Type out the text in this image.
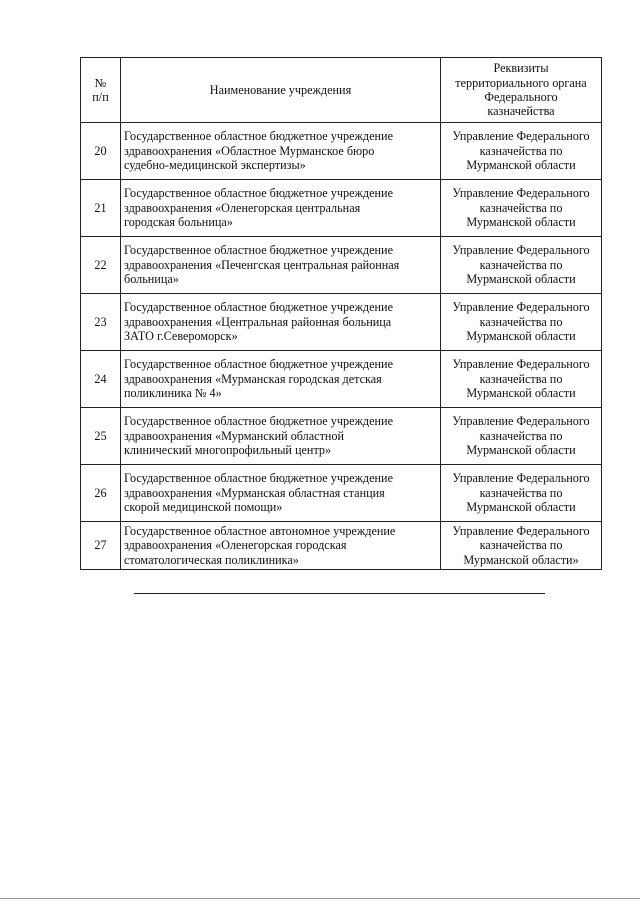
№
п/п	Наименование учреждения	Реквизиты
территориального органа
Федерального
казначейства

20	Государственное областное бюджетное учреждение
здравоохранения «Областное Мурманское бюро
судебно-медицинской экспертизы»	Управление Федерального
казначейства по
Мурманской области

21	Государственное областное бюджетное учреждение
здравоохранения «Оленегорская центральная
городская больница»	Управление Федерального
казначейства по
Мурманской области

22	Государственное областное бюджетное учреждение
здравоохранения «Печенгская центральная районная
больница»	Управление Федерального
казначейства по
Мурманской области

23	Государственное областное бюджетное учреждение
здравоохранения «Центральная районная больница
ЗАТО г.Североморск»	Управление Федерального
казначейства по
Мурманской области

24	Государственное областное бюджетное учреждение
здравоохранения «Мурманская городская детская
поликлиника № 4»	Управление Федерального
казначейства по
Мурманской области

25	Государственное областное бюджетное учреждение
здравоохранения «Мурманский областной
клинический многопрофильный центр»	Управление Федерального
казначейства по
Мурманской области

26	Государственное областное бюджетное учреждение
здравоохранения «Мурманская областная станция
скорой медицинской помощи»	Управление Федерального
казначейства по
Мурманской области

27	Государственное областное автономное учреждение
здравоохранения «Оленегорская городская
стоматологическая поликлиника»	Управление Федерального
казначейства по
Мурманской области»
